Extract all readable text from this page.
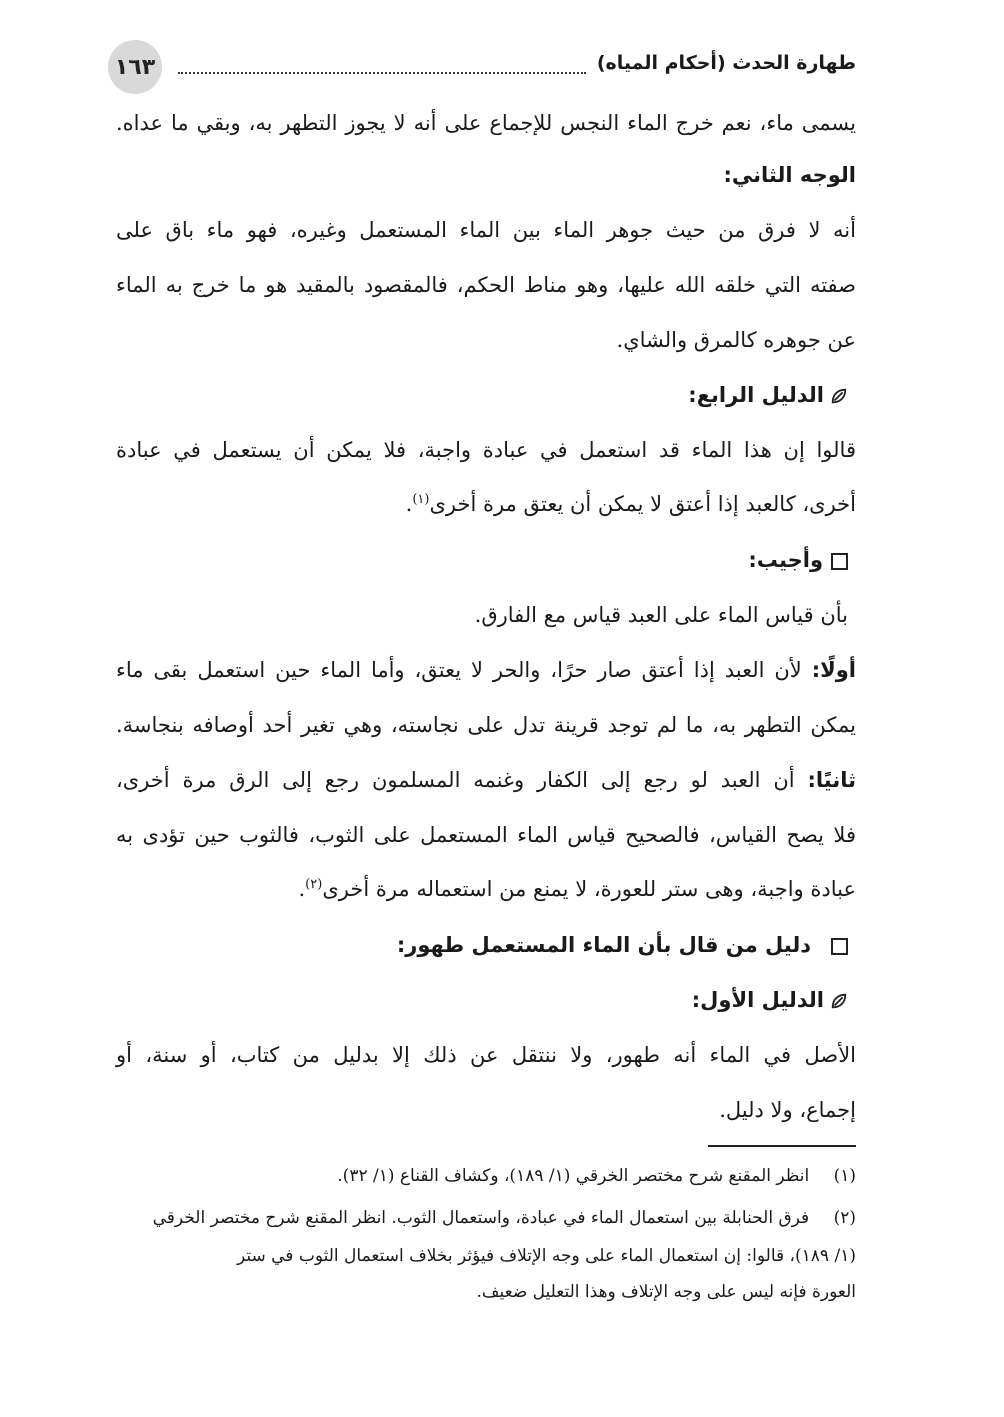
١٦٣	طهارة الحدث (أحكام المياه)
يسمى ماء، نعم خرج الماء النجس للإجماع على أنه لا يجوز التطهر به، وبقي ما عداه.
الوجه الثاني:
أنه لا فرق من حيث جوهر الماء بين الماء المستعمل وغيره، فهو ماء باق على
صفته التي خلقه الله عليها، وهو مناط الحكم، فالمقصود بالمقيد هو ما خرج به الماء
عن جوهره كالمرق والشاي.
الدليل الرابع:
قالوا إن هذا الماء قد استعمل في عبادة واجبة، فلا يمكن أن يستعمل في عبادة
أخرى، كالعبد إذا أعتق لا يمكن أن يعتق مرة أخرى$^{(١)}$.
وأجيب:
بأن قياس الماء على العبد قياس مع الفارق.
أولًا: لأن العبد إذا أعتق صار حرًا، والحر لا يعتق، وأما الماء حين استعمل بقى ماء
يمكن التطهر به، ما لم توجد قرينة تدل على نجاسته، وهي تغير أحد أوصافه بنجاسة.
ثانيًا: أن العبد لو رجع إلى الكفار وغنمه المسلمون رجع إلى الرق مرة أخرى،
فلا يصح القياس، فالصحيح قياس الماء المستعمل على الثوب، فالثوب حين تؤدى به
عبادة واجبة، وهى ستر للعورة، لا يمنع من استعماله مرة أخرى$^{(٢)}$.
دليل من قال بأن الماء المستعمل طهور:
الدليل الأول:
الأصل في الماء أنه طهور، ولا ننتقل عن ذلك إلا بدليل من كتاب، أو سنة، أو
إجماع، ولا دليل.
(١)  انظر المقنع شرح مختصر الخرقي (١/ ١٨٩)، وكشاف القناع (١/ ٣٢).
(٢)  فرق الحنابلة بين استعمال الماء في عبادة، واستعمال الثوب. انظر المقنع شرح مختصر الخرقي
(١/ ١٨٩)، قالوا: إن استعمال الماء على وجه الإتلاف فيؤثر بخلاف استعمال الثوب في ستر
العورة فإنه ليس على وجه الإتلاف وهذا التعليل ضعيف.
